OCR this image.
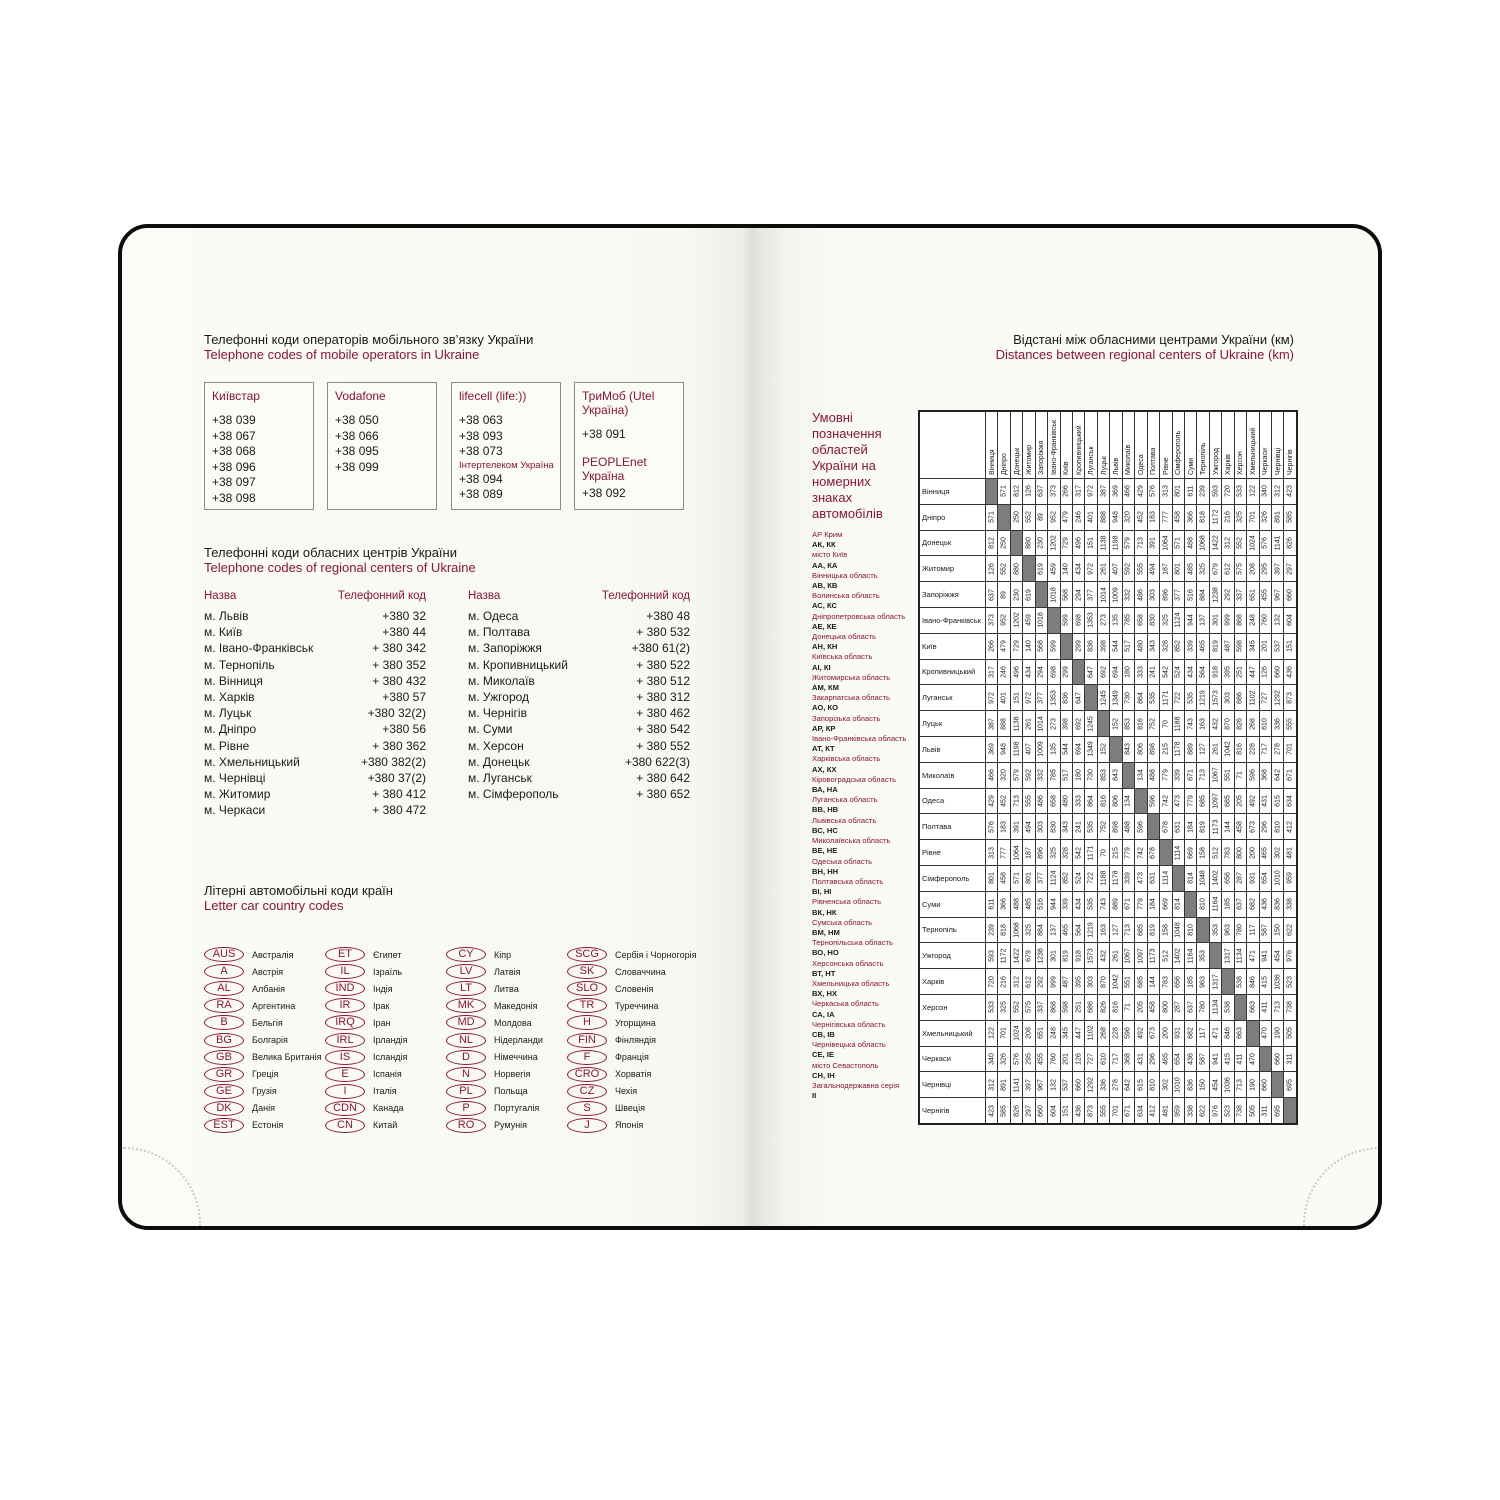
Телефонні коди операторів мобільного зв’язку України
Telephone codes of mobile operators in Ukraine
Київстар
+38 039
+38 067
+38 068
+38 096
+38 097
+38 098
Vodafone
+38 050
+38 066
+38 095
+38 099
lifecell (life:))
+38 063
+38 093
+38 073
Інтертелеком Україна
+38 094
+38 089
ТриМоб (Utel Україна)
+38 091
PEOPLEnet Україна
+38 092
Телефонні коди обласних центрів України
Telephone codes of regional centers of Ukraine
Назва	Телефонний код
м. Львів	+380 32
м. Київ	+380 44
м. Івано-Франківськ	+ 380 342
м. Тернопіль	+ 380 352
м. Вінниця	+ 380 432
м. Харків	+380 57
м. Луцьк	+380 32(2)
м. Дніпро	+380 56
м. Рівне	+ 380 362
м. Хмельницький	+380 382(2)
м. Чернівці	+380 37(2)
м. Житомир	+ 380 412
м. Черкаси	+ 380 472
Назва	Телефонний код
м. Одеса	+380 48
м. Полтава	+ 380 532
м. Запоріжжя	+380 61(2)
м. Кропивницький	+ 380 522
м. Миколаїв	+ 380 512
м. Ужгород	+ 380 312
м. Чернігів	+ 380 462
м. Суми	+ 380 542
м. Херсон	+ 380 552
м. Донецьк	+380 622(3)
м. Луганськ	+ 380 642
м. Сімферополь	+ 380 652
Літерні автомобільні коди країн
Letter car country codes
AUS	Австралія
A	Австрія
AL	Албанія
RA	Аргентина
B	Бельгія
BG	Болгарія
GB	Велика Британія
GR	Греція
GE	Грузія
DK	Данія
EST	Естонія
ET	Єгипет
IL	Ізраїль
IND	Індія
IR	Ірак
IRQ	Іран
IRL	Ірландія
IS	Ісландія
E	Іспанія
I	Італія
CDN	Канада
CN	Китай
CY	Кіпр
LV	Латвія
LT	Литва
MK	Македонія
MD	Молдова
NL	Нідерланди
D	Німеччина
N	Норвегія
PL	Польща
P	Португалія
RO	Румунія
SCG	Сербія і Чорногорія
SK	Словаччина
SLO	Словенія
TR	Туреччина
H	Угорщина
FIN	Фінляндія
F	Франція
CRO	Хорватія
CZ	Чехія
S	Швеція
J	Японія
Відстані між обласними центрами України (км)
Distances between regional centers of Ukraine (km)
Умовні позначення областей України на номерних знаках автомобілів
АР Крим
АК, КК
місто Київ
АА, КА
Вінницька область
АВ, КВ
Волинська область
АС, КС
Дніпропетровська область
АЕ, КЕ
Донецька область
АН, КН
Київська область
АІ, КІ
Житомирська область
АМ, КМ
Закарпатська область
АО, КО
Запорізька область
АР, КР
Івано-Франківська область
АТ, КТ
Харківська область
АХ, КХ
Кіровоградська область
ВА, НА
Луганська область
ВВ, НВ
Львівська область
ВС, НС
Миколаївська область
ВЕ, НЕ
Одеська область
ВН, НН
Полтавська область
ВІ, НІ
Рівненська область
ВК, НК
Сумська область
ВМ, НМ
Тернопільська область
ВО, НО
Херсонська область
ВТ, НТ
Хмельницька область
ВХ, НХ
Черкаська область
СА, ІА
Чернігівська область
СВ, ІВ
Чернівецька область
СЕ, ІЕ
місто Севастополь
СН, ІН
Загальнодержавна серія
ІІ

	Вінниця	Дніпро	Донецьк	Житомир	Запоріжжя	Івано-Франківськ	Київ	Кропивницький	Луганськ	Луцьк	Львів	Миколаїв	Одеса	Полтава	Рівне	Сімферополь	Суми	Тернопіль	Ужгород	Харків	Херсон	Хмельницький	Черкаси	Чернівці	Чернігів

Вінниця		571	812	126	637	373	266	317	972	387	369	466	429	576	313	801	611	239	593	720	533	122	340	312	423

Дніпро	571		250	552	89	952	479	246	401	888	948	320	452	183	777	458	366	818	1172	216	325	701	326	891	585

Донецьк	812	250		880	230	1202	729	496	151	1138	1198	579	713	391	1064	571	488	1068	1422	312	552	1024	576	1141	826

Житомир	126	552	880		619	459	140	434	972	261	407	592	555	494	187	801	485	325	679	612	575	208	295	397	297

Запоріжжя	637	89	230	619		1018	568	294	377	1014	1009	332	486	303	896	377	516	884	1238	292	337	651	455	967	660

Івано-Франківськ	373	952	1202	459	1018		599	698	1353	273	135	785	658	830	325	1124	944	137	301	999	868	248	760	132	604

Київ	266	479	729	140	568	599		299	836	398	544	517	480	343	328	852	339	465	819	487	598	345	201	537	151

Кропивницький	317	246	496	434	294	698	299		647	692	694	180	333	241	542	524	434	564	918	395	251	447	126	660	436

Луганськ	972	401	151	972	377	1353	836	647		1245	1349	730	864	535	1171	722	535	1219	1573	303	686	1102	727	1292	873

Луцьк	387	888	1138	261	1014	273	398	692	1245		152	853	816	752	70	1188	743	163	432	870	826	268	610	336	555

Львів	369	948	1198	407	1009	135	544	694	1349	152		843	806	898	215	1178	889	127	261	1042	816	228	717	278	701

Миколаїв	466	320	579	592	332	785	517	180	730	853	843		134	488	779	339	671	713	1067	551	71	596	368	642	671

Одеса	429	452	713	555	486	658	480	333	864	816	806	134		596	742	473	779	685	1097	685	205	492	431	615	634

Полтава	576	183	391	494	303	830	343	241	535	752	898	488	596		678	631	184	819	1173	144	458	673	296	810	412

Рівне	313	777	1064	187	896	325	328	542	1171	70	215	779	742	678		1114	669	158	512	783	800	200	465	302	481

Сімферополь	801	458	571	801	377	1124	852	524	722	1188	1178	339	473	631	1114		814	1048	1402	656	287	931	654	1010	959

Суми	611	366	488	485	516	944	339	434	535	743	889	671	779	184	669	814		810	1164	185	637	682	436	836	338

Тернопіль	239	818	1068	325	884	137	465	564	1219	163	127	713	685	819	158	1048	810		353	963	780	117	587	150	622

Ужгород	593	1172	1422	679	1238	301	819	918	1573	432	261	1067	1097	1173	512	1402	1164	353		1317	1134	471	941	454	976

Харків	720	216	312	612	292	999	487	395	303	870	1042	551	685	144	783	656	185	963	1317		538	846	415	1036	523

Херсон	533	325	552	575	337	868	598	251	686	826	816	71	205	458	800	287	637	780	1134	538		663	411	713	738

Хмельницький	122	701	1024	208	651	248	345	447	1102	268	228	596	492	673	200	931	682	117	471	846	663		470	190	505

Черкаси	340	326	576	295	455	760	201	126	727	610	717	368	431	296	465	654	436	587	941	415	411	470		660	311

Чернівці	312	891	1141	397	967	132	537	660	1292	336	278	642	615	810	302	1010	836	150	454	1036	713	190	660		695

Чернігів	423	585	826	297	660	604	151	436	873	555	701	671	634	412	481	959	338	622	976	523	738	505	311	695	
